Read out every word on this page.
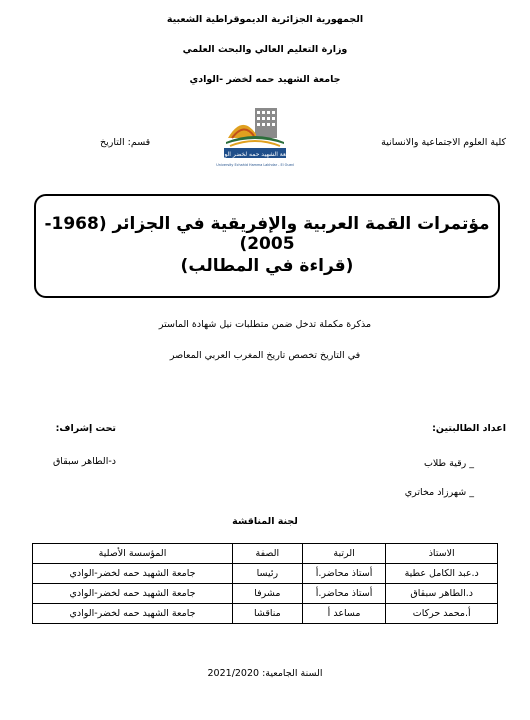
الجمهورية الجزائرية الديموقراطية الشعبية
وزارة التعليم العالي والبحث العلمي
جامعة الشهيد حمه لخضر -الوادي
جامعة الشهيد حمه لخضر الوادي
University Echahid Hamma Lakhdar - El Oued
كلية العلوم الاجتماعية والانسانية
قسم: التاريخ
مؤتمرات القمة العربية والإفريقية في الجزائر (1968-2005)
(قراءة في المطالب)
مذكرة مكملة تدخل ضمن متطلبات نيل شهادة الماستر
في التاريخ تخصص تاريخ المغرب العربي المعاصر
اعداد الطالبتين:
_ رقية طلاب
_ شهرزاد مخاتري
تحت إشراف:
د-الطاهر سبقاق
لجنة المناقشة
الاستاذ	الرتبة	الصفة	المؤسسة الأصلية
د.عبد الكامل عطية	أستاذ محاضر.أ	رئيسا	جامعة الشهيد حمه لخضر-الوادي
د.الطاهر سبقاق	أستاذ محاضر.أ	مشرفا	جامعة الشهيد حمه لخضر-الوادي
أ.محمد حركات	مساعد أ	مناقشا	جامعة الشهيد حمه لخضر-الوادي
السنة الجامعية: 2021/2020
